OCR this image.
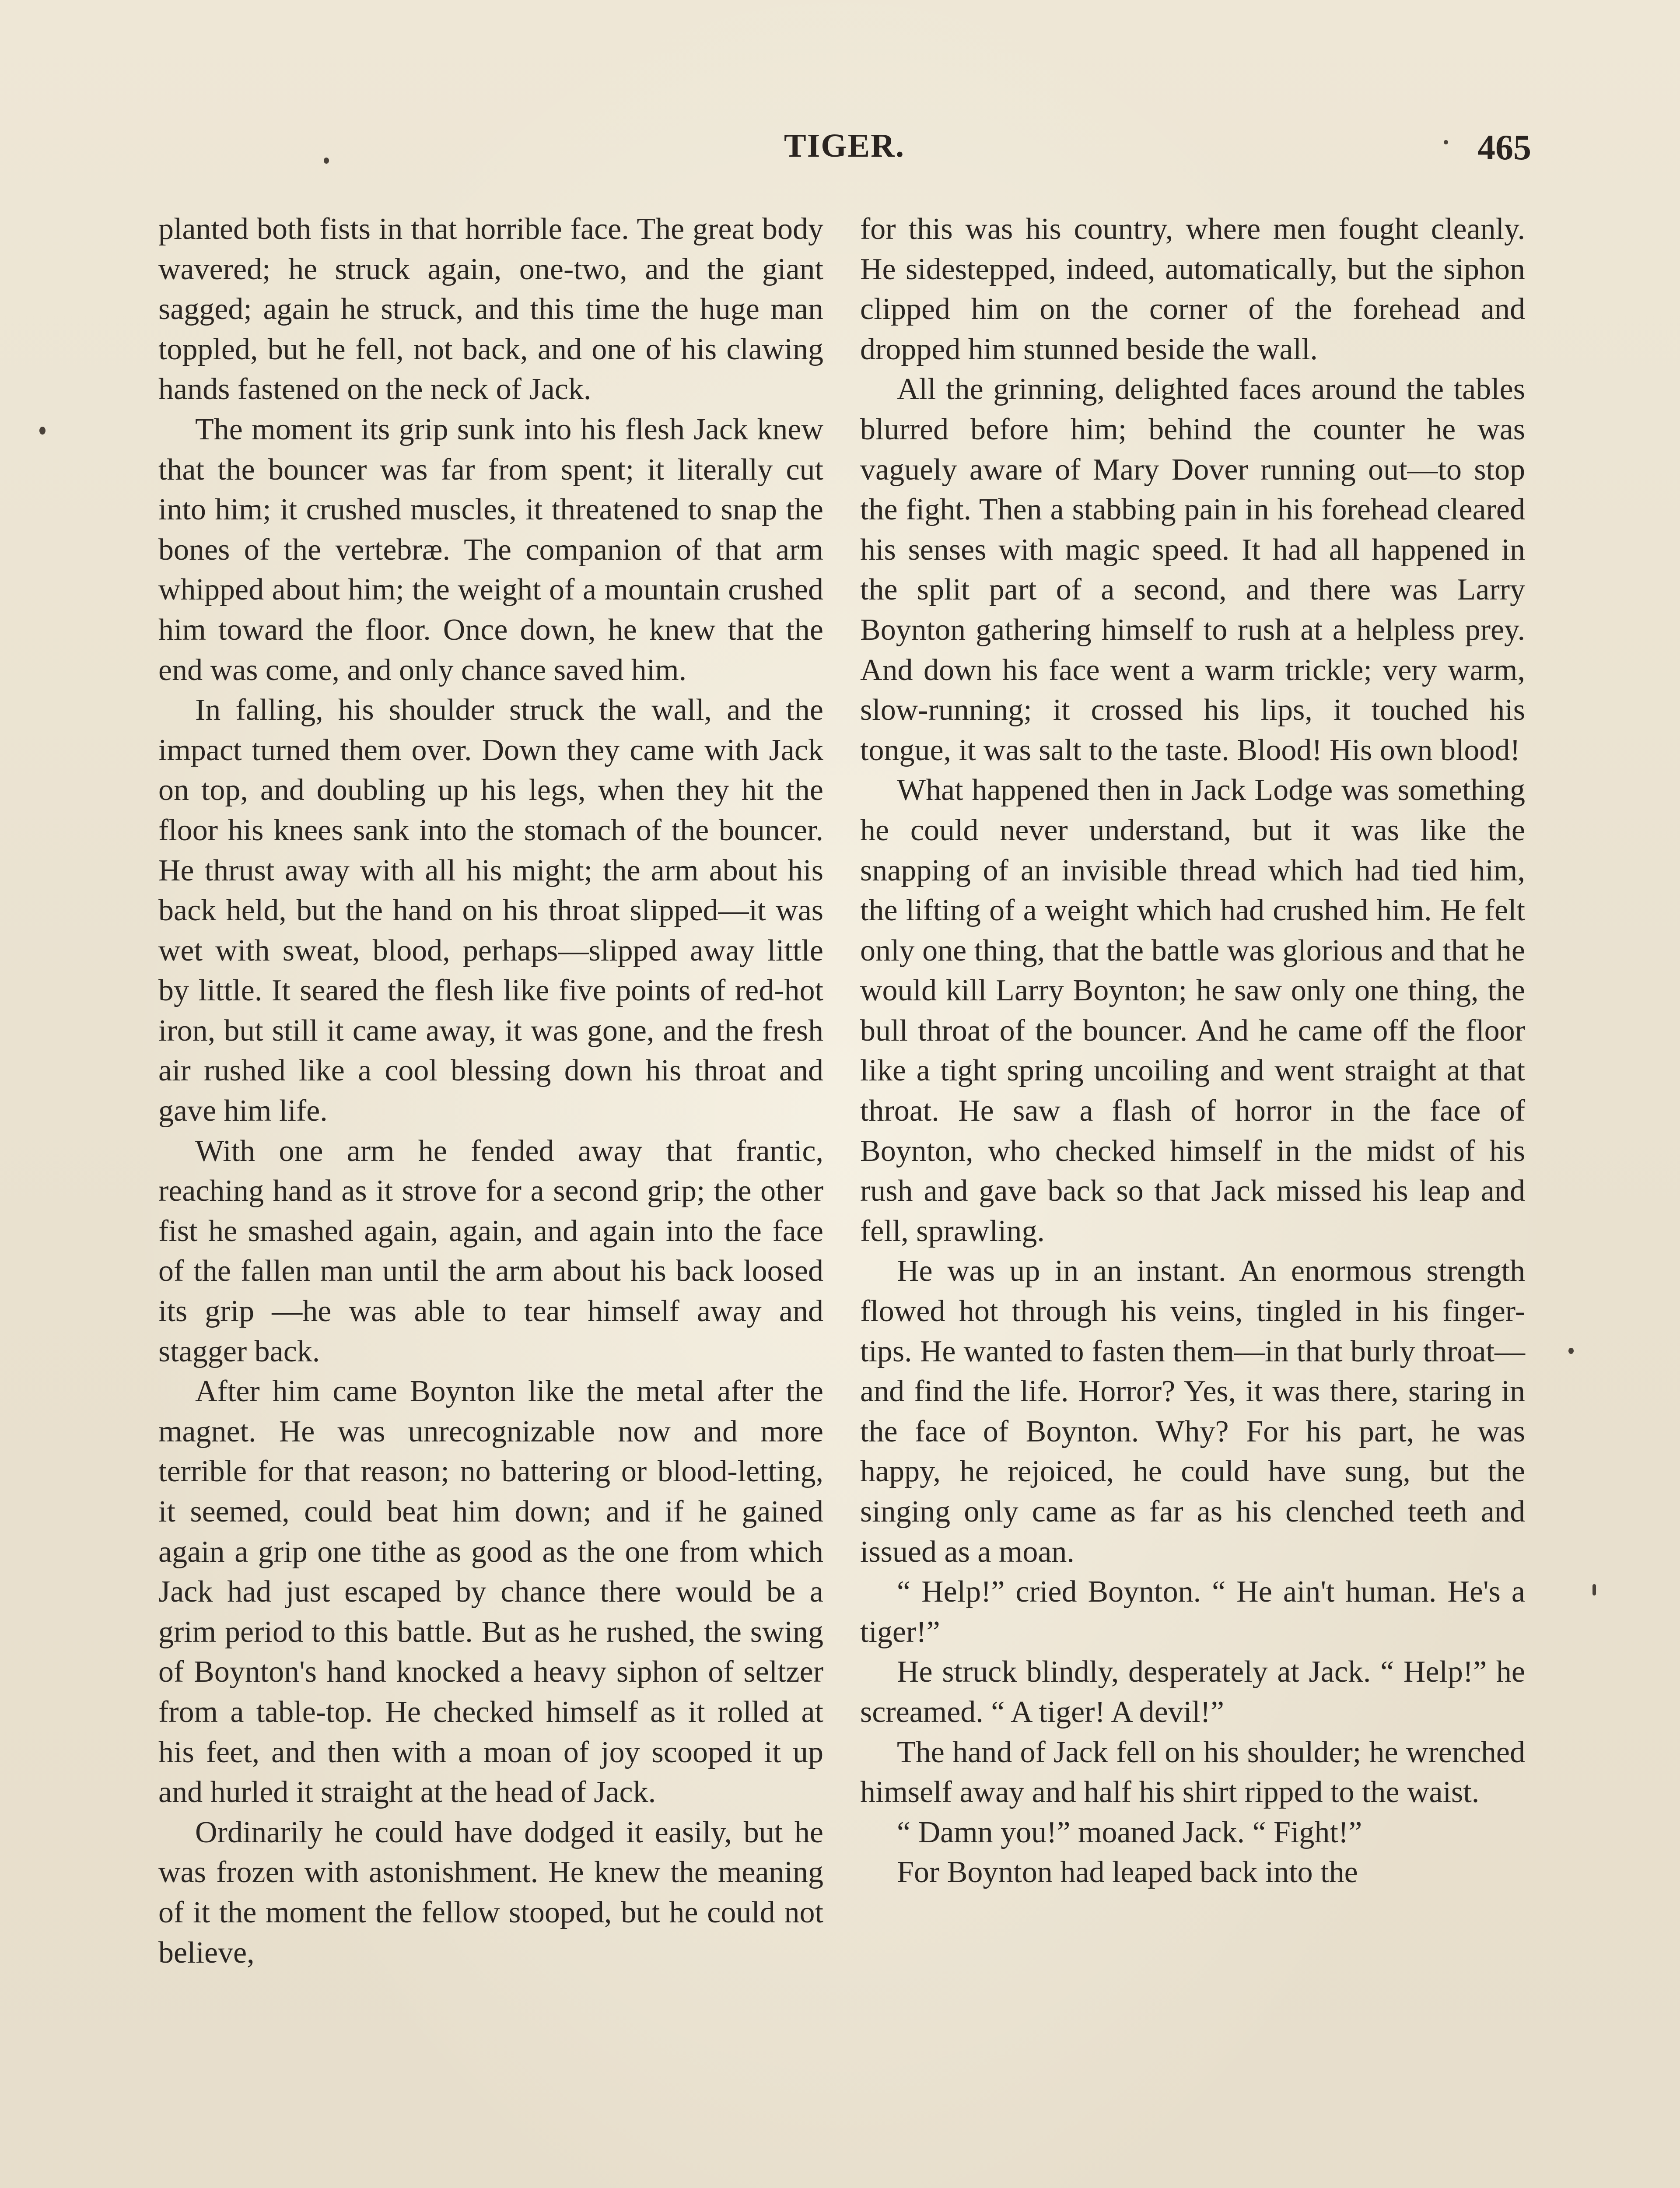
TIGER.	465

planted both fists in that horrible face. The great body wavered; he struck again, one-two, and the giant sagged; again he struck, and this time the huge man toppled, but he fell, not back, and one of his clawing hands fastened on the neck of Jack.

The moment its grip sunk into his flesh Jack knew that the bouncer was far from spent; it literally cut into him; it crushed muscles, it threatened to snap the bones of the vertebræ. The companion of that arm whipped about him; the weight of a mountain crushed him toward the floor. Once down, he knew that the end was come, and only chance saved him.

In falling, his shoulder struck the wall, and the impact turned them over. Down they came with Jack on top, and doubling up his legs, when they hit the floor his knees sank into the stomach of the bouncer. He thrust away with all his might; the arm about his back held, but the hand on his throat slipped—it was wet with sweat, blood, perhaps—slipped away little by little. It seared the flesh like five points of red-hot iron, but still it came away, it was gone, and the fresh air rushed like a cool blessing down his throat and gave him life.

With one arm he fended away that frantic, reaching hand as it strove for a second grip; the other fist he smashed again, again, and again into the face of the fallen man until the arm about his back loosed its grip —he was able to tear himself away and stagger back.

After him came Boynton like the metal after the magnet. He was unrecognizable now and more terrible for that reason; no battering or blood-letting, it seemed, could beat him down; and if he gained again a grip one tithe as good as the one from which Jack had just escaped by chance there would be a grim period to this battle. But as he rushed, the swing of Boynton's hand knocked a heavy siphon of seltzer from a table-top. He checked himself as it rolled at his feet, and then with a moan of joy scooped it up and hurled it straight at the head of Jack.

Ordinarily he could have dodged it easily, but he was frozen with astonishment. He knew the meaning of it the moment the fellow stooped, but he could not believe,

for this was his country, where men fought cleanly. He sidestepped, indeed, automatically, but the siphon clipped him on the corner of the forehead and dropped him stunned beside the wall.

All the grinning, delighted faces around the tables blurred before him; behind the counter he was vaguely aware of Mary Dover running out—to stop the fight. Then a stabbing pain in his forehead cleared his senses with magic speed. It had all happened in the split part of a second, and there was Larry Boynton gathering himself to rush at a helpless prey. And down his face went a warm trickle; very warm, slow-running; it crossed his lips, it touched his tongue, it was salt to the taste. Blood! His own blood!

What happened then in Jack Lodge was something he could never understand, but it was like the snapping of an invisible thread which had tied him, the lifting of a weight which had crushed him. He felt only one thing, that the battle was glorious and that he would kill Larry Boynton; he saw only one thing, the bull throat of the bouncer. And he came off the floor like a tight spring uncoiling and went straight at that throat. He saw a flash of horror in the face of Boynton, who checked himself in the midst of his rush and gave back so that Jack missed his leap and fell, sprawling.

He was up in an instant. An enormous strength flowed hot through his veins, tingled in his finger-tips. He wanted to fasten them—in that burly throat—and find the life. Horror? Yes, it was there, staring in the face of Boynton. Why? For his part, he was happy, he rejoiced, he could have sung, but the singing only came as far as his clenched teeth and issued as a moan.

“ Help!” cried Boynton. “ He ain't human. He's a tiger!”

He struck blindly, desperately at Jack. “ Help!” he screamed. “ A tiger! A devil!”

The hand of Jack fell on his shoulder; he wrenched himself away and half his shirt ripped to the waist.

“ Damn you!” moaned Jack. “ Fight!”

For Boynton had leaped back into the
